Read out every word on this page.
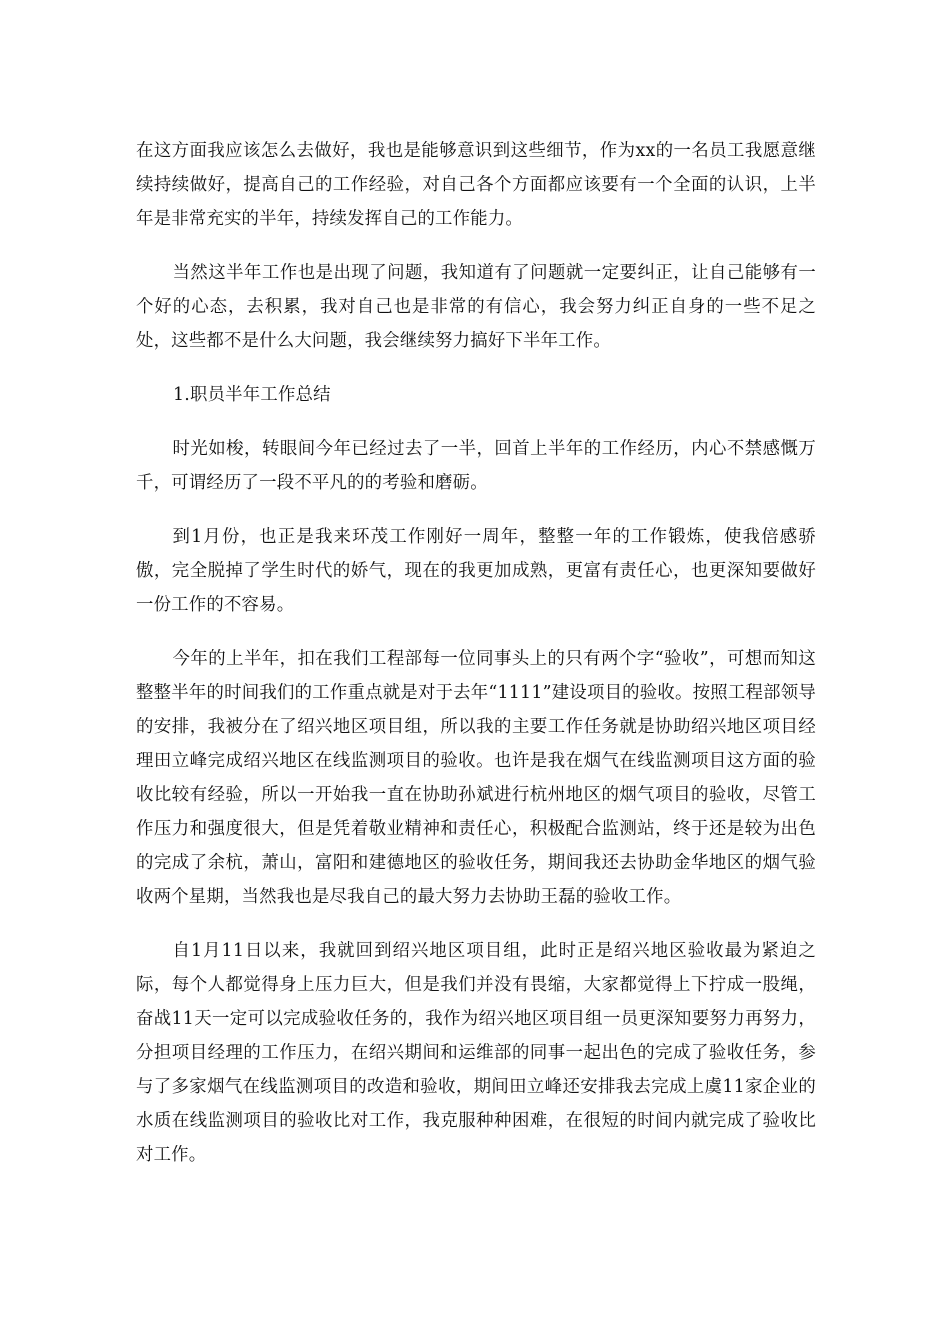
在这方面我应该怎么去做好，我也是能够意识到这些细节，作为xx的一名员工我愿意继续持续做好，提高自己的工作经验，对自己各个方面都应该要有一个全面的认识，上半年是非常充实的半年，持续发挥自己的工作能力。

当然这半年工作也是出现了问题，我知道有了问题就一定要纠正，让自己能够有一个好的心态，去积累，我对自己也是非常的有信心，我会努力纠正自身的一些不足之处，这些都不是什么大问题，我会继续努力搞好下半年工作。

1.职员半年工作总结

时光如梭，转眼间今年已经过去了一半，回首上半年的工作经历，内心不禁感慨万千，可谓经历了一段不平凡的的考验和磨砺。

到1月份，也正是我来环茂工作刚好一周年，整整一年的工作锻炼，使我倍感骄傲，完全脱掉了学生时代的娇气，现在的我更加成熟，更富有责任心，也更深知要做好一份工作的不容易。

今年的上半年，扣在我们工程部每一位同事头上的只有两个字“验收”，可想而知这整整半年的时间我们的工作重点就是对于去年“1111”建设项目的验收。按照工程部领导的安排，我被分在了绍兴地区项目组，所以我的主要工作任务就是协助绍兴地区项目经理田立峰完成绍兴地区在线监测项目的验收。也许是我在烟气在线监测项目这方面的验收比较有经验，所以一开始我一直在协助孙斌进行杭州地区的烟气项目的验收，尽管工作压力和强度很大，但是凭着敬业精神和责任心，积极配合监测站，终于还是较为出色的完成了余杭，萧山，富阳和建德地区的验收任务，期间我还去协助金华地区的烟气验收两个星期，当然我也是尽我自己的最大努力去协助王磊的验收工作。

自1月11日以来，我就回到绍兴地区项目组，此时正是绍兴地区验收最为紧迫之际，每个人都觉得身上压力巨大，但是我们并没有畏缩，大家都觉得上下拧成一股绳，奋战11天一定可以完成验收任务的，我作为绍兴地区项目组一员更深知要努力再努力，分担项目经理的工作压力，在绍兴期间和运维部的同事一起出色的完成了验收任务，参与了多家烟气在线监测项目的改造和验收，期间田立峰还安排我去完成上虞11家企业的水质在线监测项目的验收比对工作，我克服种种困难，在很短的时间内就完成了验收比对工作。
